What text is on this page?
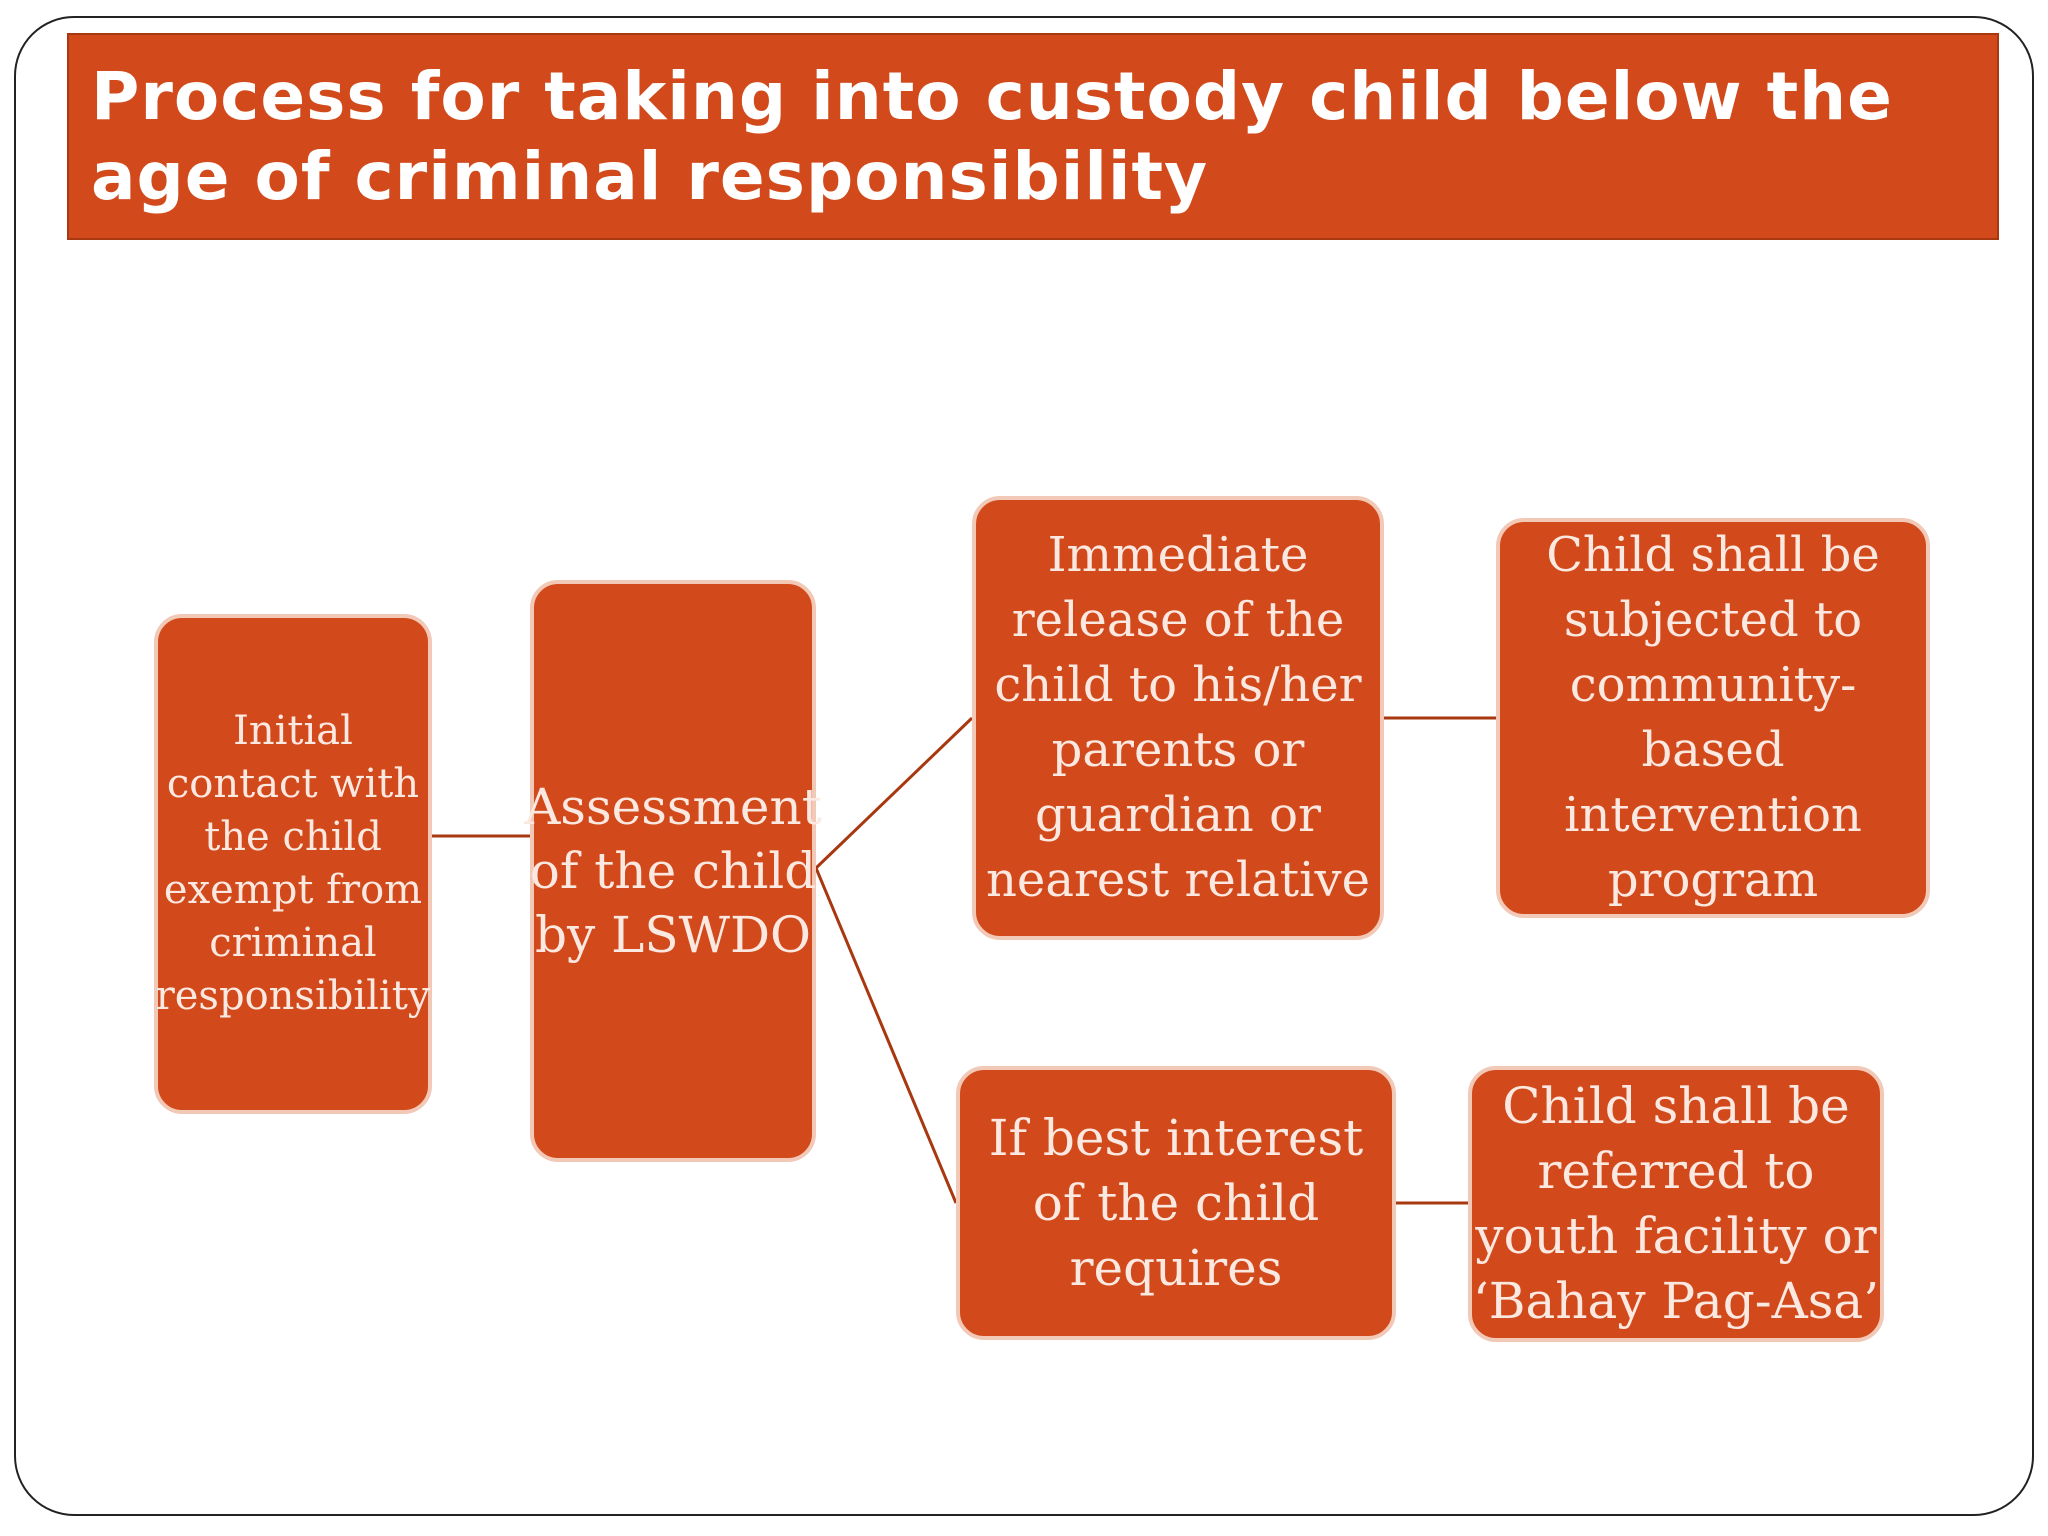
Process for taking into custody child below the age of criminal responsibility
Initial contact with the child exempt from criminal responsibility
Assessment of the child by LSWDO
Immediate release of the child to his/her parents or guardian or nearest relative
Child shall be subjected to community-based intervention program
If best interest of the child requires
Child shall be referred to youth facility or ‘Bahay Pag-Asa’
